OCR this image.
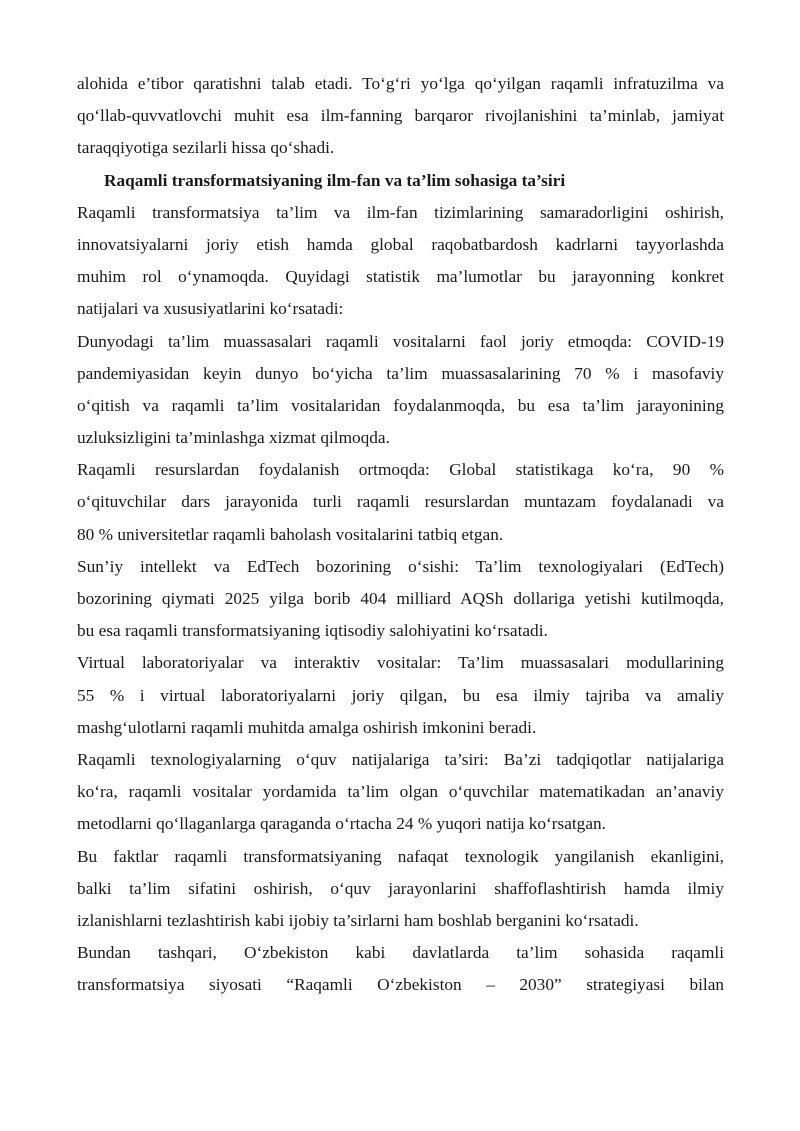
alohida e’tibor qaratishni talab etadi. To‘g‘ri yo‘lga qo‘yilgan raqamli infratuzilma va
qo‘llab-quvvatlovchi muhit esa ilm-fanning barqaror rivojlanishini ta’minlab, jamiyat
taraqqiyotiga sezilarli hissa qo‘shadi.
Raqamli transformatsiyaning ilm-fan va ta’lim sohasiga ta’siri
Raqamli transformatsiya ta’lim va ilm-fan tizimlarining samaradorligini oshirish,
innovatsiyalarni joriy etish hamda global raqobatbardosh kadrlarni tayyorlashda
muhim rol o‘ynamoqda. Quyidagi statistik ma’lumotlar bu jarayonning konkret
natijalari va xususiyatlarini ko‘rsatadi:
Dunyodagi ta’lim muassasalari raqamli vositalarni faol joriy etmoqda: COVID-19
pandemiyasidan keyin dunyo bo‘yicha ta’lim muassasalarining 70 % i masofaviy
o‘qitish va raqamli ta’lim vositalaridan foydalanmoqda, bu esa ta’lim jarayonining
uzluksizligini ta’minlashga xizmat qilmoqda.
Raqamli resurslardan foydalanish ortmoqda: Global statistikaga ko‘ra, 90 %
o‘qituvchilar dars jarayonida turli raqamli resurslardan muntazam foydalanadi va
80 % universitetlar raqamli baholash vositalarini tatbiq etgan.
Sun’iy intellekt va EdTech bozorining o‘sishi: Ta’lim texnologiyalari (EdTech)
bozorining qiymati 2025 yilga borib 404 milliard AQSh dollariga yetishi kutilmoqda,
bu esa raqamli transformatsiyaning iqtisodiy salohiyatini ko‘rsatadi.
Virtual laboratoriyalar va interaktiv vositalar: Ta’lim muassasalari modullarining
55 % i virtual laboratoriyalarni joriy qilgan, bu esa ilmiy tajriba va amaliy
mashg‘ulotlarni raqamli muhitda amalga oshirish imkonini beradi.
Raqamli texnologiyalarning o‘quv natijalariga ta’siri: Ba’zi tadqiqotlar natijalariga
ko‘ra, raqamli vositalar yordamida ta’lim olgan o‘quvchilar matematikadan an’anaviy
metodlarni qo‘llaganlarga qaraganda o‘rtacha 24 % yuqori natija ko‘rsatgan.
Bu faktlar raqamli transformatsiyaning nafaqat texnologik yangilanish ekanligini,
balki ta’lim sifatini oshirish, o‘quv jarayonlarini shaffoflashtirish hamda ilmiy
izlanishlarni tezlashtirish kabi ijobiy ta’sirlarni ham boshlab berganini ko‘rsatadi.
Bundan tashqari, O‘zbekiston kabi davlatlarda ta’lim sohasida raqamli
transformatsiya siyosati “Raqamli O‘zbekiston – 2030” strategiyasi bilan
